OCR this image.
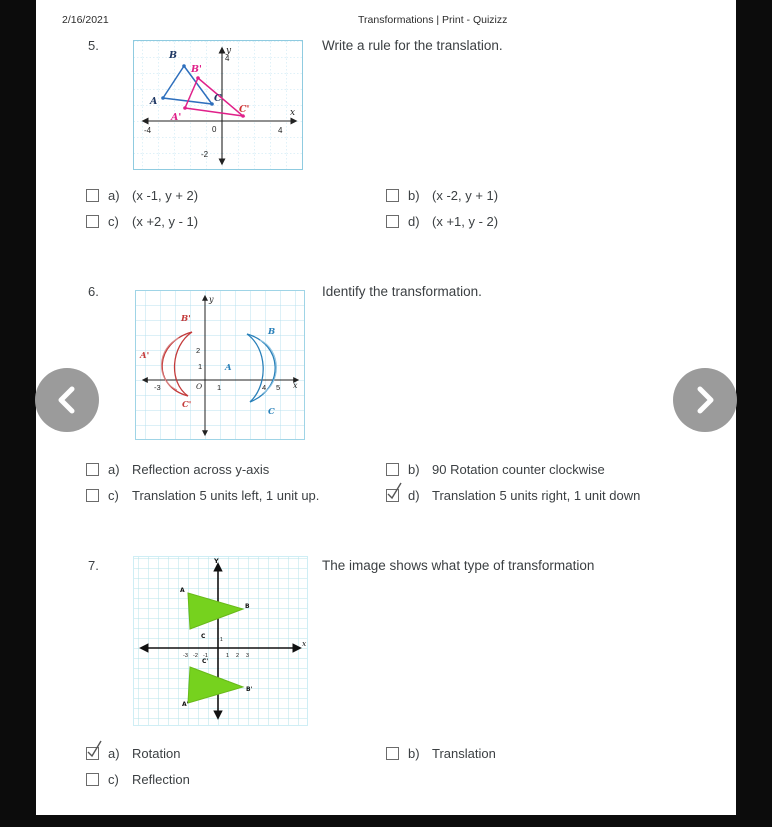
2/16/2021	Transformations | Print - Quizizz
5.	Write a rule for the translation.
y
x
4
-4	0	4
-2
B
A	C
B'
A'
C'
a) (x -1, y + 2)	b) (x -2, y + 1)
c)	(x +2, y - 1)	d) (x +1, y - 2)
6.	Identify the transformation.
y
x
O
2
1
-3	1	4 5
B'
A'
C'
B
A
C
a) Reflection across y-axis	b) 90 Rotation counter clockwise
c)	Translation 5 units left, 1 unit up.	d) Translation 5 units right, 1 unit down
7.	The image shows what type of transformation
Y
x
-3 -2 -1	1 2 3
1
A
B
C
A'
B'
C'
a) Rotation	b) Translation
c)	Reflection
